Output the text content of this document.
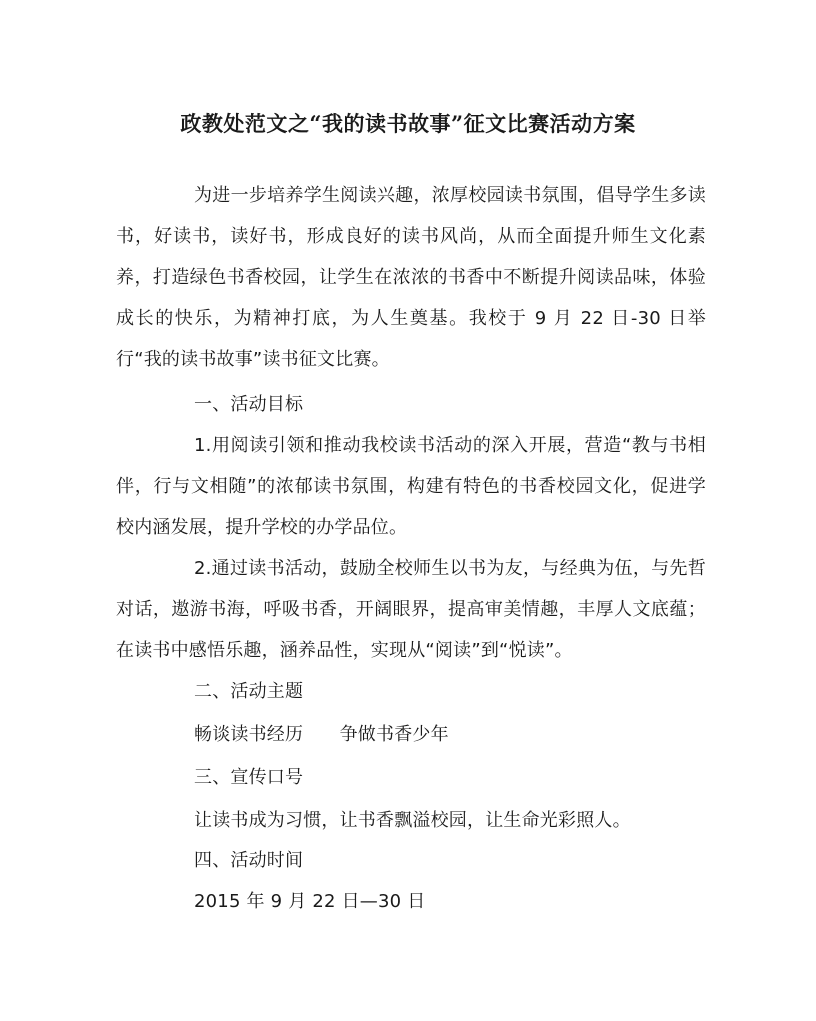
政教处范文之“我的读书故事”征文比赛活动方案
为进一步培养学生阅读兴趣，浓厚校园读书氛围，倡导学生多读书，好读书，读好书，形成良好的读书风尚，从而全面提升师生文化素养，打造绿色书香校园，让学生在浓浓的书香中不断提升阅读品味，体验成长的快乐，为精神打底，为人生奠基。我校于 9 月 22 日-30 日举行“我的读书故事”读书征文比赛。
一、活动目标
1.用阅读引领和推动我校读书活动的深入开展，营造“教与书相伴，行与文相随”的浓郁读书氛围，构建有特色的书香校园文化，促进学校内涵发展，提升学校的办学品位。
2.通过读书活动，鼓励全校师生以书为友，与经典为伍，与先哲对话，遨游书海，呼吸书香，开阔眼界，提高审美情趣，丰厚人文底蕴；在读书中感悟乐趣，涵养品性，实现从“阅读”到“悦读”。
二、活动主题
畅谈读书经历　　争做书香少年
三、宣传口号
让读书成为习惯，让书香飘溢校园，让生命光彩照人。
四、活动时间
2015 年 9 月 22 日—30 日
